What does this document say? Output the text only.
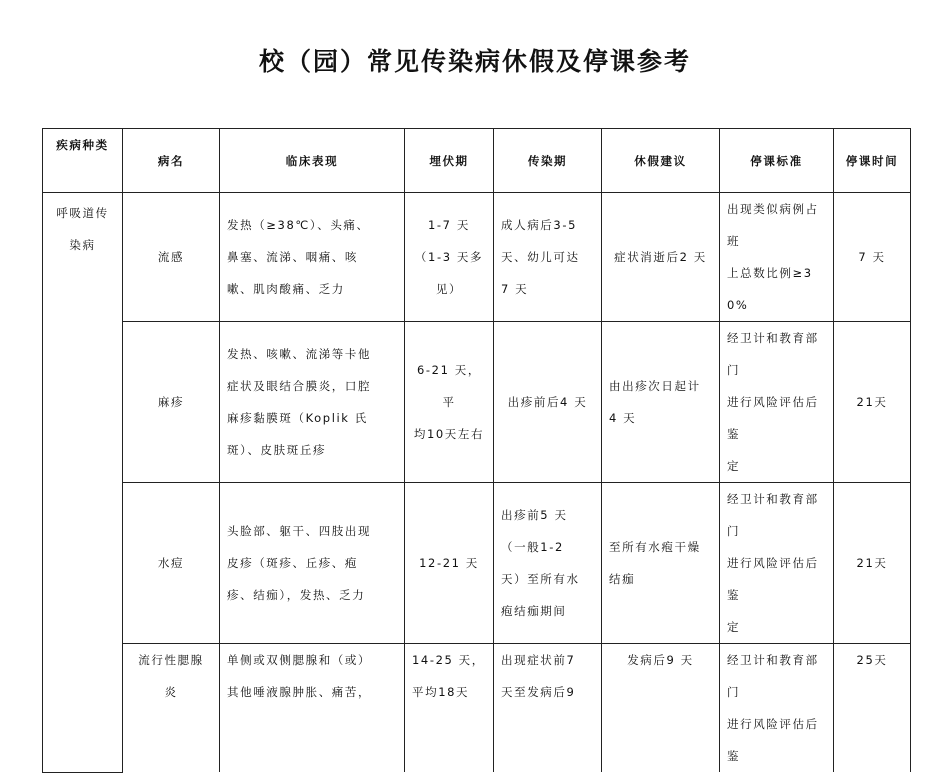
校（园）常见传染病休假及停课参考
疾病种类	病名	临床表现	埋伏期	传染期	休假建议	停课标准	停课时间

呼吸道传
染病	流感	发热（≥38℃）、头痛、
鼻塞、流涕、咽痛、咳
嗽、肌肉酸痛、乏力	1-7 天
（1-3 天多
见）	成人病后3-5
天、幼儿可达
7 天	症状消逝后2 天	出现类似病例占班
上总数比例≥30%	7 天

	麻疹	发热、咳嗽、流涕等卡他
症状及眼结合膜炎，口腔
麻疹黏膜斑（Koplik 氏
斑）、皮肤斑丘疹	6-21 天，平
均10天左右	出疹前后4 天	由出疹次日起计
4 天	经卫计和教育部门
进行风险评估后鉴
定	21天

	水痘	头脸部、躯干、四肢出现
皮疹（斑疹、丘疹、疱
疹、结痂），发热、乏力	12-21 天	出疹前5 天
（一般1-2
天）至所有水
疱结痂期间	至所有水疱干燥
结痂	经卫计和教育部门
进行风险评估后鉴
定	21天

	流行性腮腺
炎	单侧或双侧腮腺和（或）
其他唾液腺肿胀、痛苦，	14-25 天，
平均18天	出现症状前7
天至发病后9	发病后9 天	经卫计和教育部门
进行风险评估后鉴	25天
